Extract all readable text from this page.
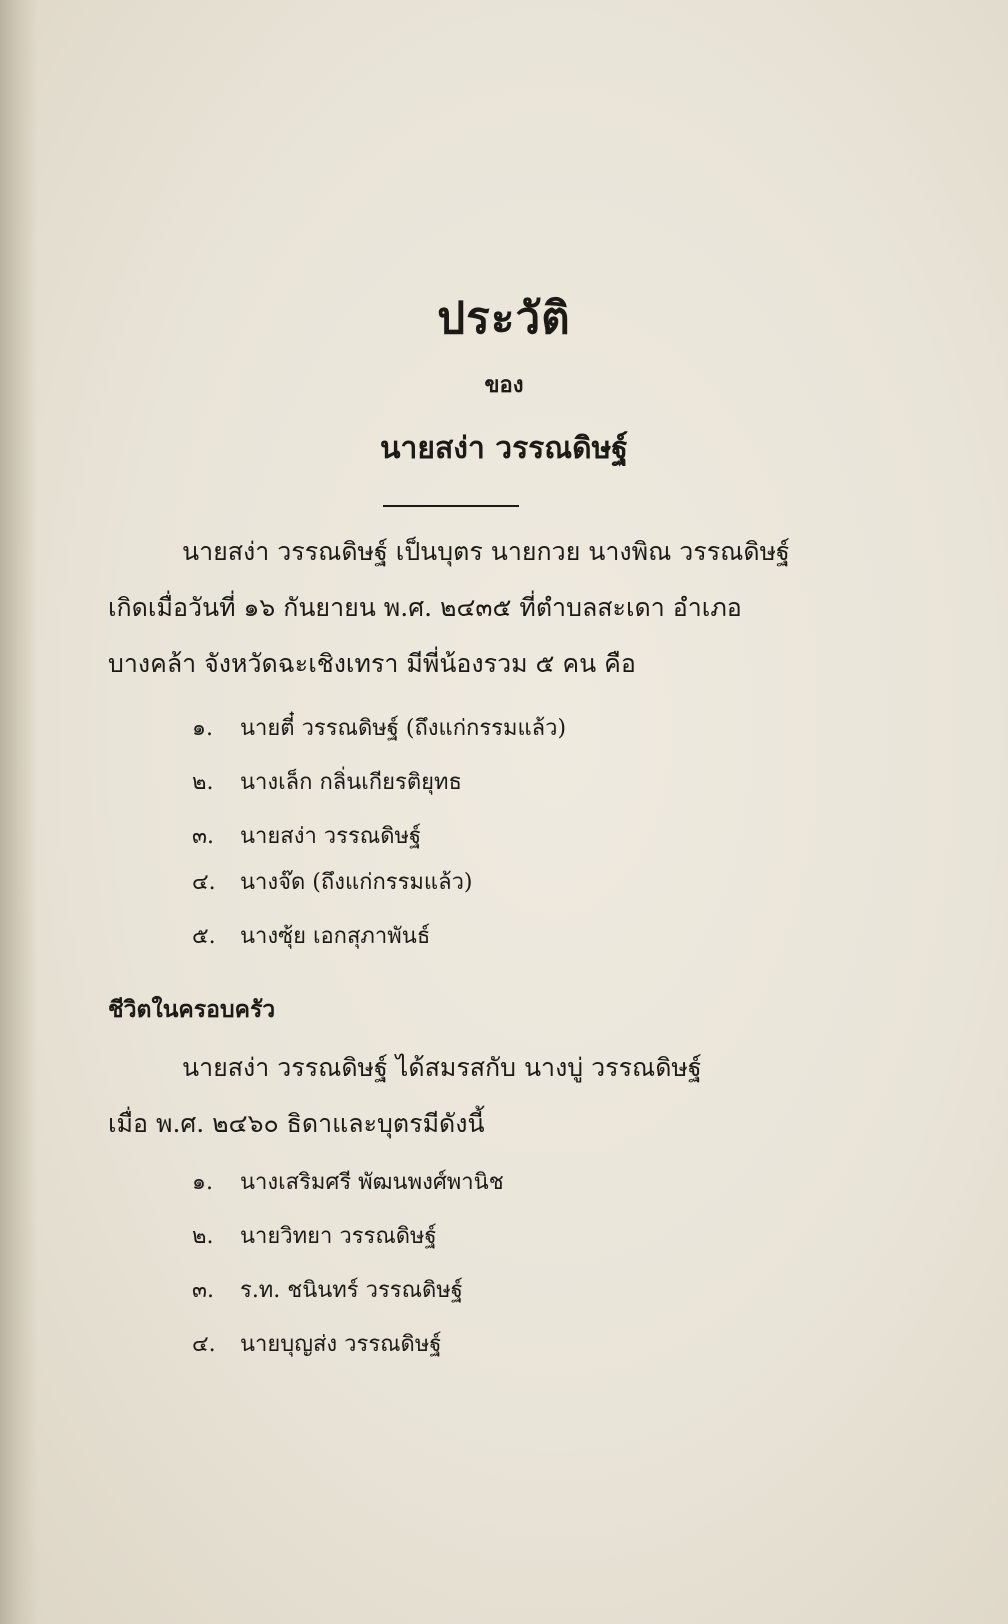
ประวัติ
ของ
นายสง่า วรรณดิษฐ์
นายสง่า วรรณดิษฐ์ เป็นบุตร นายกวย นางพิณ วรรณดิษฐ์
เกิดเมื่อวันที่ ๑๖ กันยายน พ.ศ. ๒๔๓๕ ที่ตำบลสะเดา อำเภอ
บางคล้า จังหวัดฉะเชิงเทรา มีพี่น้องรวม ๕ คน คือ
๑. นายตี๋ วรรณดิษฐ์ (ถึงแก่กรรมแล้ว)
๒. นางเล็ก กลิ่นเกียรติยุทธ
๓. นายสง่า วรรณดิษฐ์
๔. นางจ๊ด (ถึงแก่กรรมแล้ว)
๕. นางซุ้ย เอกสุภาพันธ์
ชีวิตในครอบครัว
นายสง่า วรรณดิษฐ์ ได้สมรสกับ นางบู่ วรรณดิษฐ์
เมื่อ พ.ศ. ๒๔๖๐ ธิดาและบุตรมีดังนี้
๑. นางเสริมศรี พัฒนพงศ์พานิช
๒. นายวิทยา วรรณดิษฐ์
๓. ร.ท. ชนินทร์ วรรณดิษฐ์
๔. นายบุญส่ง วรรณดิษฐ์
